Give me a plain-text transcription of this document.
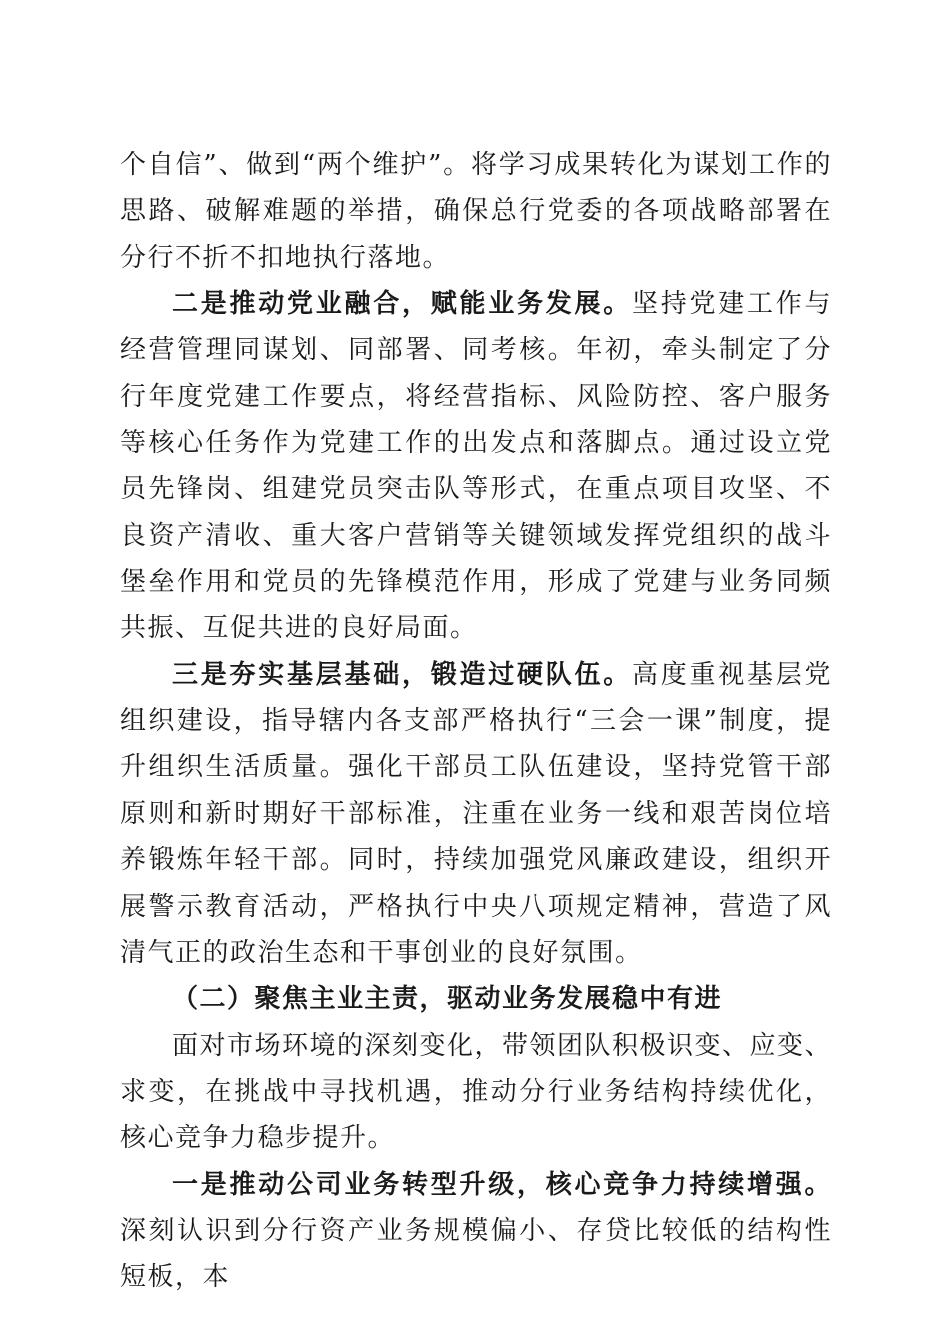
个自信”、做到“两个维护”。将学习成果转化为谋划工作的思路、破解难题的举措，确保总行党委的各项战略部署在分行不折不扣地执行落地。

二是推动党业融合，赋能业务发展。坚持党建工作与经营管理同谋划、同部署、同考核。年初，牵头制定了分行年度党建工作要点，将经营指标、风险防控、客户服务等核心任务作为党建工作的出发点和落脚点。通过设立党员先锋岗、组建党员突击队等形式，在重点项目攻坚、不良资产清收、重大客户营销等关键领域发挥党组织的战斗堡垒作用和党员的先锋模范作用，形成了党建与业务同频共振、互促共进的良好局面。

三是夯实基层基础，锻造过硬队伍。高度重视基层党组织建设，指导辖内各支部严格执行“三会一课”制度，提升组织生活质量。强化干部员工队伍建设，坚持党管干部原则和新时期好干部标准，注重在业务一线和艰苦岗位培养锻炼年轻干部。同时，持续加强党风廉政建设，组织开展警示教育活动，严格执行中央八项规定精神，营造了风清气正的政治生态和干事创业的良好氛围。

（二）聚焦主业主责，驱动业务发展稳中有进

面对市场环境的深刻变化，带领团队积极识变、应变、求变，在挑战中寻找机遇，推动分行业务结构持续优化，核心竞争力稳步提升。

一是推动公司业务转型升级，核心竞争力持续增强。深刻认识到分行资产业务规模偏小、存贷比较低的结构性短板，本
